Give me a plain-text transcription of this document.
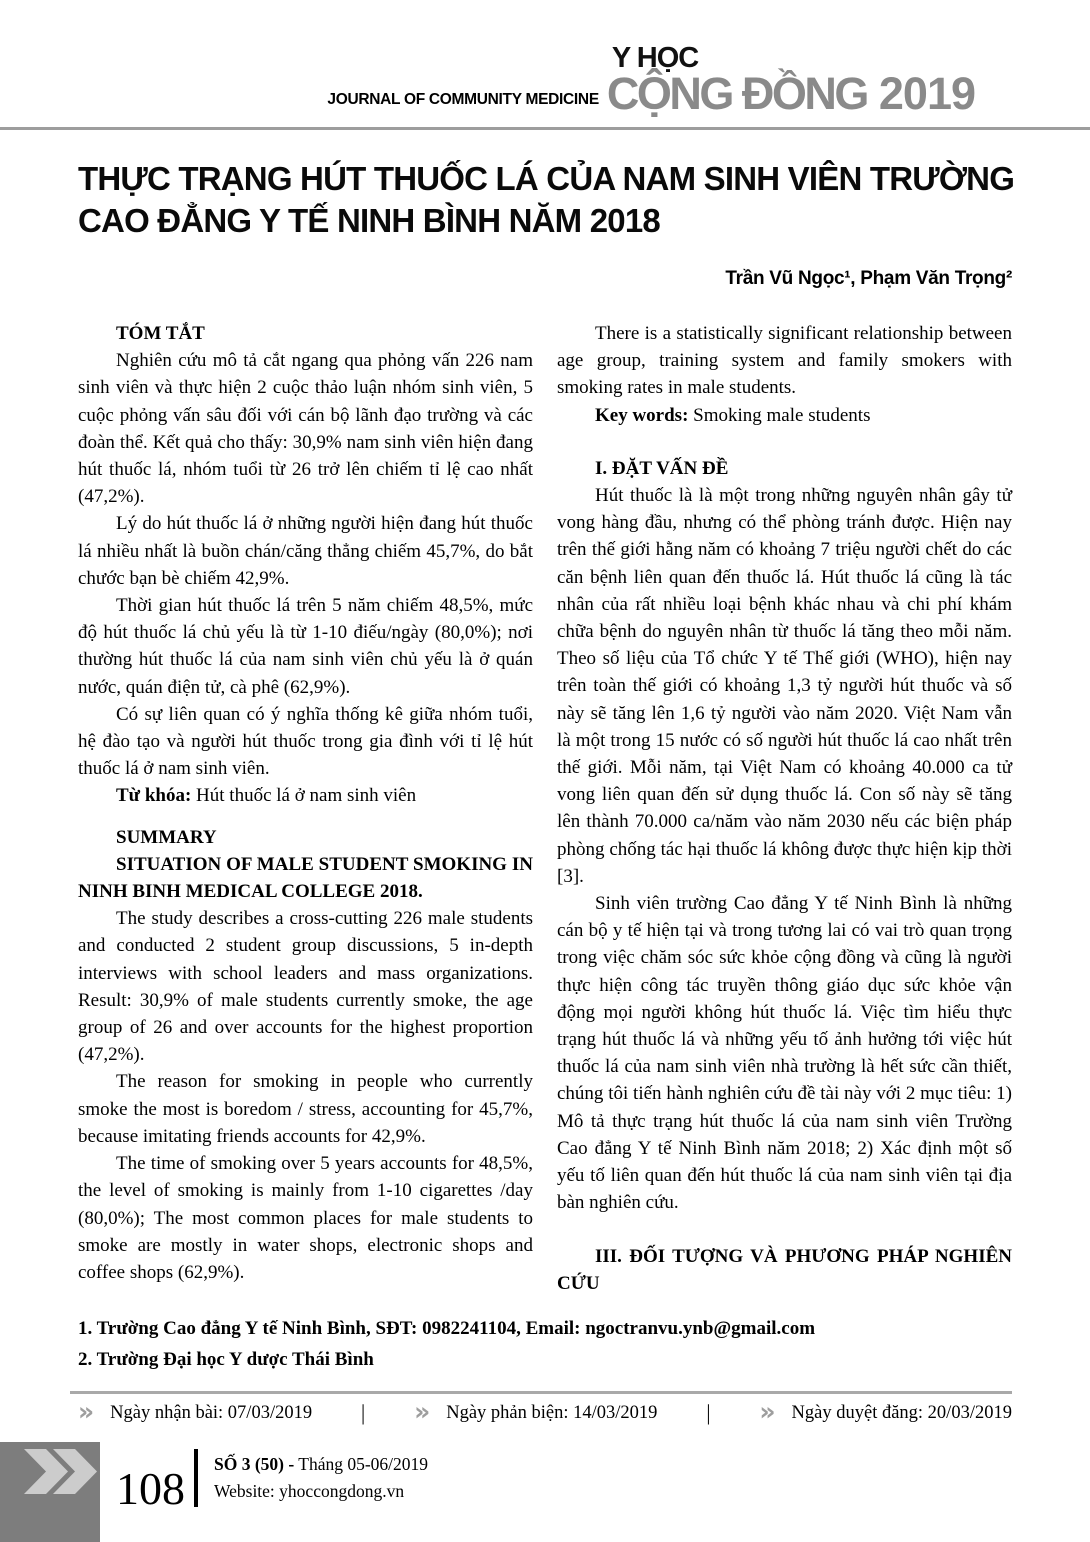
JOURNAL OF COMMUNITY MEDICINE
Y HỌC
CỘNG ĐỒNG 2019
THỰC TRẠNG HÚT THUỐC LÁ CỦA NAM SINH VIÊN TRƯỜNG
CAO ĐẲNG Y TẾ NINH BÌNH NĂM 2018
Trần Vũ Ngọc¹, Phạm Văn Trọng²

TÓM TẮT

Nghiên cứu mô tả cắt ngang qua phỏng vấn 226 nam sinh viên và thực hiện 2 cuộc thảo luận nhóm sinh viên, 5 cuộc phỏng vấn sâu đối với cán bộ lãnh đạo trường và các đoàn thể. Kết quả cho thấy: 30,9% nam sinh viên hiện đang hút thuốc lá, nhóm tuổi từ 26 trở lên chiếm tỉ lệ cao nhất (47,2%).

Lý do hút thuốc lá ở những người hiện đang hút thuốc lá nhiều nhất là buồn chán/căng thẳng chiếm 45,7%, do bắt chước bạn bè chiếm 42,9%.

Thời gian hút thuốc lá trên 5 năm chiếm 48,5%, mức độ hút thuốc lá chủ yếu là từ 1-10 điếu/ngày (80,0%); nơi thường hút thuốc lá của nam sinh viên chủ yếu là ở quán nước, quán điện tử, cà phê (62,9%).

Có sự liên quan có ý nghĩa thống kê giữa nhóm tuổi, hệ đào tạo và người hút thuốc trong gia đình với tỉ lệ hút thuốc lá ở nam sinh viên.

Từ khóa: Hút thuốc lá ở nam sinh viên

SUMMARY

SITUATION OF MALE STUDENT SMOKING IN NINH BINH MEDICAL COLLEGE 2018.

The study describes a cross-cutting 226 male students and conducted 2 student group discussions, 5 in-depth interviews with school leaders and mass organizations. Result: 30,9% of male students currently smoke, the age group of 26 and over accounts for the highest proportion (47,2%).

The reason for smoking in people who currently smoke the most is boredom / stress, accounting for 45,7%, because imitating friends accounts for 42,9%.

The time of smoking over 5 years accounts for 48,5%, the level of smoking is mainly from 1-10 cigarettes /day (80,0%); The most common places for male students to smoke are mostly in water shops, electronic shops and coffee shops (62,9%).

There is a statistically significant relationship between age group, training system and family smokers with smoking rates in male students.

Key words: Smoking male students

I. ĐẶT VẤN ĐỀ

Hút thuốc là là một trong những nguyên nhân gây tử vong hàng đầu, nhưng có thể phòng tránh được. Hiện nay trên thế giới hằng năm có khoảng 7 triệu người chết do các căn bệnh liên quan đến thuốc lá. Hút thuốc lá cũng là tác nhân của rất nhiều loại bệnh khác nhau và chi phí khám chữa bệnh do nguyên nhân từ thuốc lá tăng theo mỗi năm. Theo số liệu của Tổ chức Y tế Thế giới (WHO), hiện nay trên toàn thế giới có khoảng 1,3 tỷ người hút thuốc và số này sẽ tăng lên 1,6 tỷ người vào năm 2020. Việt Nam vẫn là một trong 15 nước có số người hút thuốc lá cao nhất trên thế giới. Mỗi năm, tại Việt Nam có khoảng 40.000 ca tử vong liên quan đến sử dụng thuốc lá. Con số này sẽ tăng lên thành 70.000 ca/năm vào năm 2030 nếu các biện pháp phòng chống tác hại thuốc lá không được thực hiện kịp thời [3].

Sinh viên trường Cao đẳng Y tế Ninh Bình là những cán bộ y tế hiện tại và trong tương lai có vai trò quan trọng trong việc chăm sóc sức khỏe cộng đồng và cũng là người thực hiện công tác truyền thông giáo dục sức khỏe vận động mọi người không hút thuốc lá. Việc tìm hiểu thực trạng hút thuốc lá và những yếu tố ảnh hưởng tới việc hút thuốc lá của nam sinh viên nhà trường là hết sức cần thiết, chúng tôi tiến hành nghiên cứu đề tài này với 2 mục tiêu: 1) Mô tả thực trạng hút thuốc lá của nam sinh viên Trường Cao đẳng Y tế Ninh Bình năm 2018; 2) Xác định một số yếu tố liên quan đến hút thuốc lá của nam sinh viên tại địa bàn nghiên cứu.

III. ĐỐI TƯỢNG VÀ PHƯƠNG PHÁP NGHIÊN CỨU

1. Trường Cao đẳng Y tế Ninh Bình, SĐT: 0982241104, Email: ngoctranvu.ynb@gmail.com
2. Trường Đại học Y dược Thái Bình
» Ngày nhận bài: 07/03/2019 | » Ngày phản biện: 14/03/2019 | » Ngày duyệt đăng: 20/03/2019
108 SỐ 3 (50) - Tháng 05-06/2019
Website: yhoccongdong.vn
